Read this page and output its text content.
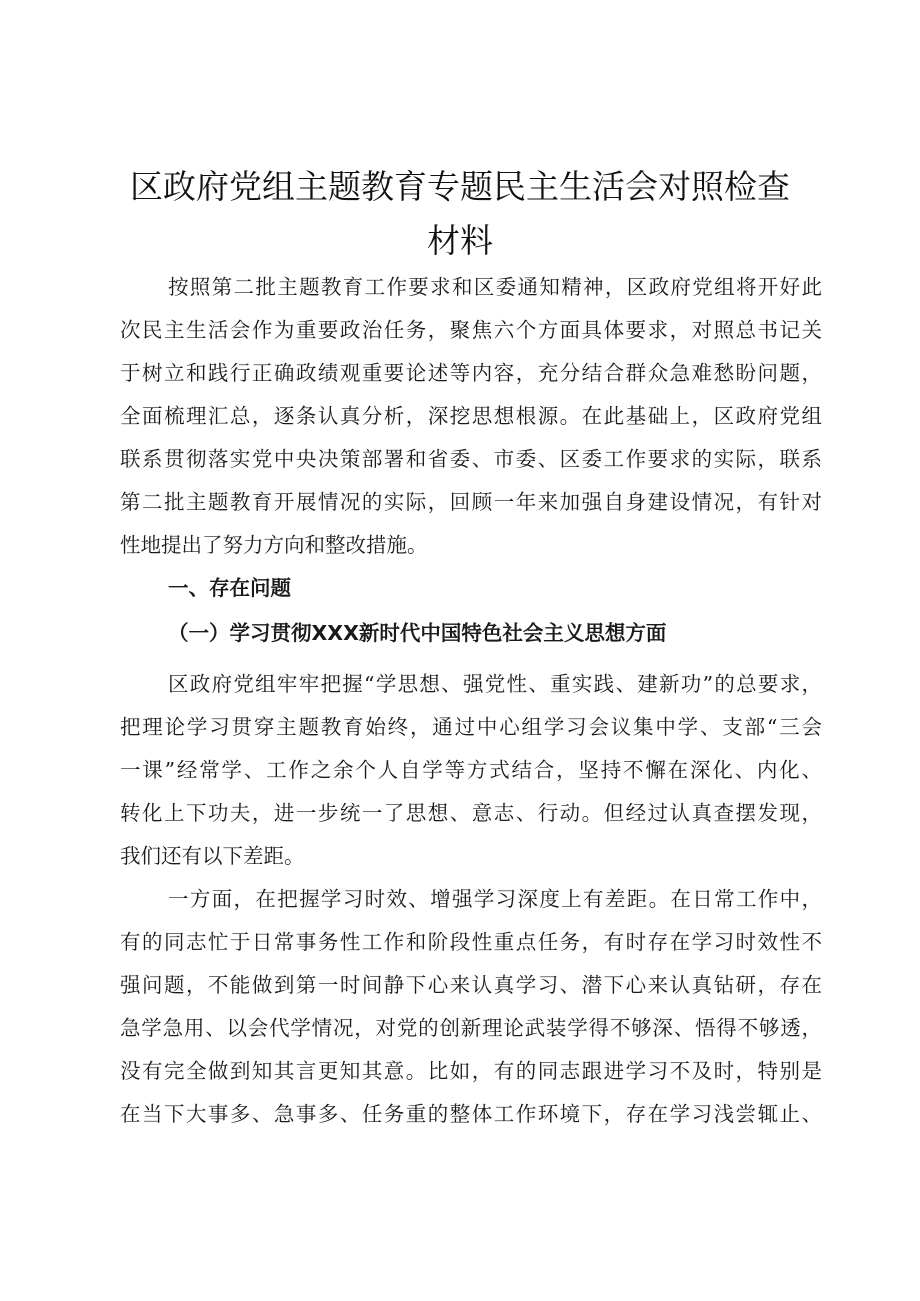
区政府党组主题教育专题民主生活会对照检查
材料
按照第二批主题教育工作要求和区委通知精神，区政府党组将开好此
次民主生活会作为重要政治任务，聚焦六个方面具体要求，对照总书记关
于树立和践行正确政绩观重要论述等内容，充分结合群众急难愁盼问题，
全面梳理汇总，逐条认真分析，深挖思想根源。在此基础上，区政府党组
联系贯彻落实党中央决策部署和省委、市委、区委工作要求的实际，联系
第二批主题教育开展情况的实际，回顾一年来加强自身建设情况，有针对
性地提出了努力方向和整改措施。
一、存在问题
（一）学习贯彻XXX新时代中国特色社会主义思想方面
区政府党组牢牢把握“学思想、强党性、重实践、建新功”的总要求，
把理论学习贯穿主题教育始终，通过中心组学习会议集中学、支部“三会
一课”经常学、工作之余个人自学等方式结合，坚持不懈在深化、内化、
转化上下功夫，进一步统一了思想、意志、行动。但经过认真查摆发现，
我们还有以下差距。
一方面，在把握学习时效、增强学习深度上有差距。在日常工作中，
有的同志忙于日常事务性工作和阶段性重点任务，有时存在学习时效性不
强问题，不能做到第一时间静下心来认真学习、潜下心来认真钻研，存在
急学急用、以会代学情况，对党的创新理论武装学得不够深、悟得不够透，
没有完全做到知其言更知其意。比如，有的同志跟进学习不及时，特别是
在当下大事多、急事多、任务重的整体工作环境下，存在学习浅尝辄止、
